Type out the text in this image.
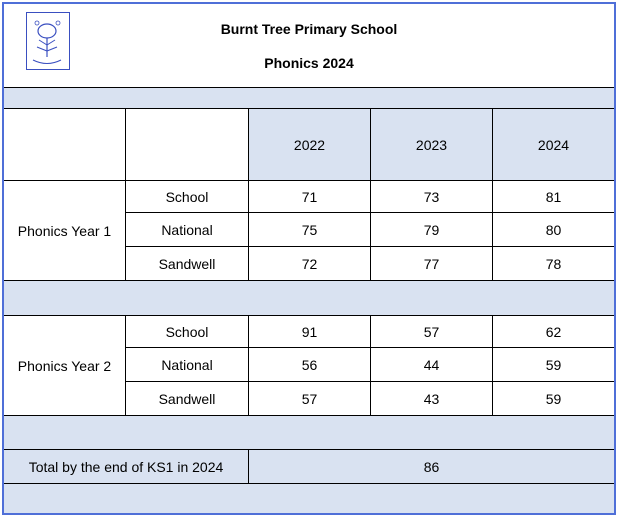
Burnt Tree Primary School
Phonics 2024
2022	2023	2024
Phonics Year 1
School	71	73	81
National	75	79	80
Sandwell	72	77	78
Phonics Year 2
School	91	57	62
National	56	44	59
Sandwell	57	43	59
Total by the end of KS1 in 2024	86
